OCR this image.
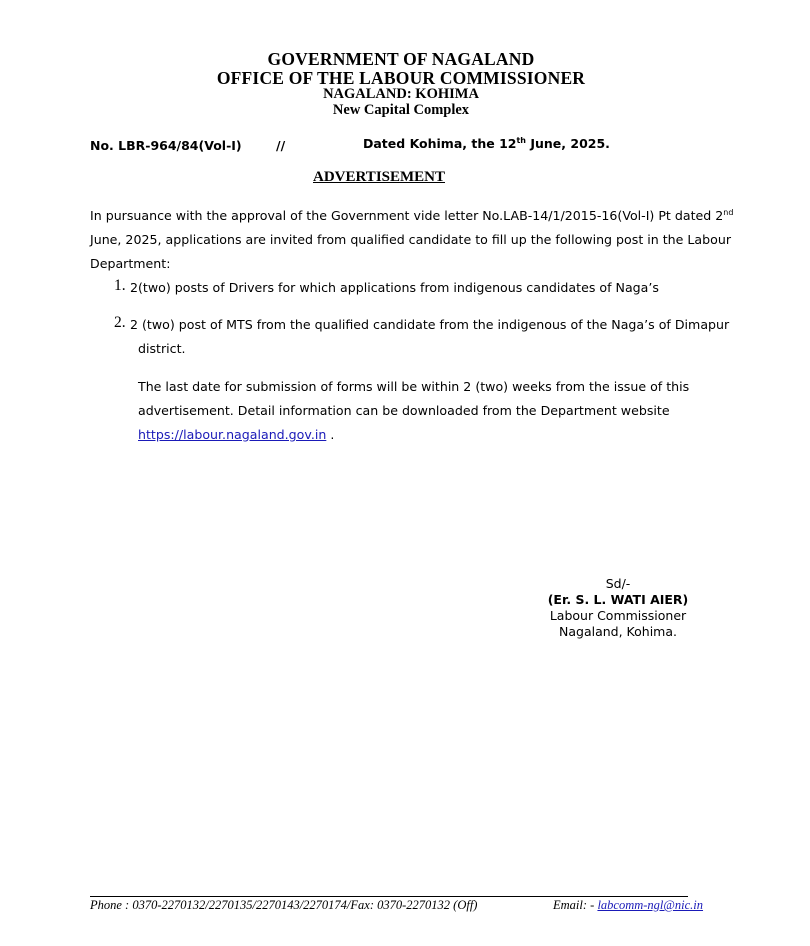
GOVERNMENT OF NAGALAND
OFFICE OF THE LABOUR COMMISSIONER
NAGALAND: KOHIMA
New Capital Complex
No. LBR-964/84(Vol-I)	//	Dated Kohima, the 12th June, 2025.
ADVERTISEMENT
In pursuance with the approval of the Government vide letter No.LAB-14/1/2015-16(Vol-I) Pt dated 2nd
June, 2025, applications are invited from qualified candidate to fill up the following post in the Labour
Department:
1. 2(two) posts of Drivers for which applications from indigenous candidates of Naga’s
2. 2 (two) post of MTS from the qualified candidate from the indigenous of the Naga’s of Dimapur
district.
The last date for submission of forms will be within 2 (two) weeks from the issue of this
advertisement. Detail information can be downloaded from the Department website
https://labour.nagaland.gov.in .
Sd/-
(Er. S. L. WATI AIER)
Labour Commissioner
Nagaland, Kohima.
Phone : 0370-2270132/2270135/2270143/2270174/Fax: 0370-2270132 (Off)	Email: - labcomm-ngl@nic.in
